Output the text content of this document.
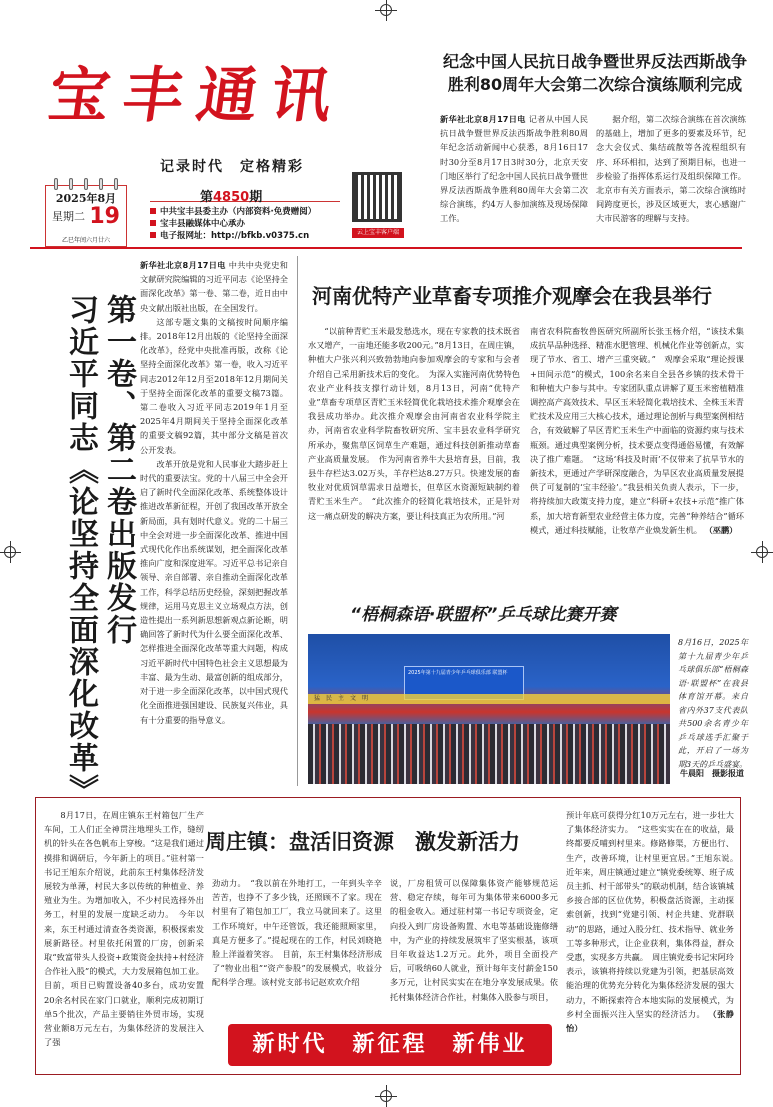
宝丰通讯
记录时代　定格精彩
2025年8月
星期二 19
乙巳年闰六月廿六
第4850期
中共宝丰县委主办（内部资料·免费赠阅）
宝丰县融媒体中心承办
电子报网址：http://bfkb.v0375.cn	云上宝丰客户端
纪念中国人民抗日战争暨世界反法西斯战争
胜利80周年大会第二次综合演练顺利完成
新华社北京8月17日电 记者从中国人民抗日战争暨世界反法西斯战争胜利80周年纪念活动新闻中心获悉，8月16日17时30分至8月17日3时30分，北京天安门地区举行了纪念中国人民抗日战争暨世界反法西斯战争胜利80周年大会第二次综合演练，约4万人参加演练及现场保障工作。

据介绍，第二次综合演练在首次演练的基础上，增加了更多的要素及环节，纪念大会仪式、集结疏散等各流程组织有序、环环相扣，达到了预期目标，也进一步检验了指挥体系运行及组织保障工作。北京市有关方面表示，第二次综合演练时间跨度更长，涉及区域更大，衷心感谢广大市民游客的理解与支持。

第一卷、第二卷出版发行
习近平同志《论坚持全面深化改革》
新华社北京8月17日电 中共中央党史和文献研究院编辑的习近平同志《论坚持全面深化改革》第一卷、第二卷，近日由中央文献出版社出版，在全国发行。

这部专题文集的文稿按时间顺序编排。2018年12月出版的《论坚持全面深化改革》，经党中央批准再版，改称《论坚持全面深化改革》第一卷，收入习近平同志2012年12月至2018年12月期间关于坚持全面深化改革的重要文稿73篇。第二卷收入习近平同志2019年1月至2025年4月期间关于坚持全面深化改革的重要文稿92篇，其中部分文稿是首次公开发表。

改革开放是党和人民事业大踏步赶上时代的重要法宝。党的十八届三中全会开启了新时代全面深化改革、系统整体设计推进改革新征程，开创了我国改革开放全新局面，具有划时代意义。党的二十届三中全会对进一步全面深化改革、推进中国式现代化作出系统谋划，把全面深化改革推向广度和深度进军。习近平总书记亲自领导、亲自部署、亲自推动全面深化改革工作，科学总结历史经验，深刻把握改革规律，运用马克思主义立场观点方法，创造性提出一系列新思想新观点新论断，明确回答了新时代为什么要全面深化改革、怎样推进全面深化改革等重大问题，构成习近平新时代中国特色社会主义思想最为丰富、最为生动、最富创新的组成部分，对于进一步全面深化改革，以中国式现代化全面推进强国建设、民族复兴伟业，具有十分重要的指导意义。

河南优特产业草畜专项推介观摩会在我县举行

“以前种青贮玉米最发愁选水，现在专家教的技术既省水又增产，一亩地还能多收200元。”8月13日，在周庄镇，种植大户张兴利兴致勃勃地向参加观摩会的专家和与会者介绍自己采用新技术后的变化。　为深入实施河南优势特色农业产业科技支撑行动计划，8月13日，河南“优特产业”草畜专项草区青贮玉米轻简优化栽培技术推介观摩会在我县成功举办。此次推介观摩会由河南省农业科学院主办，河南省农业科学院畜牧研究所、宝丰县农业科学研究所承办，聚焦草区饲草生产难题，通过科技创新推动草畜产业高质量发展。　作为河南省养牛大县培育县，目前，我县牛存栏达3.02万头，羊存栏达8.27万只。快速发展的畜牧业对优质饲草需求日益增长，但草区水资源短缺制约着青贮玉米生产。　“此次推介的轻简化栽培技术，正是针对这一痛点研发的解决方案，要让科技真正为农所用。”河

南省农科院畜牧兽医研究所副所长张玉杨介绍，“该技术集成抗旱品种选择、精准水肥管理、机械化作业等创新点，实现了节水、省工、增产三重突破。”　观摩会采取“理论授课+田间示范”的模式，100余名来自全县各乡镇的技术骨干和种植大户参与其中。专家团队重点讲解了夏玉米密植精准调控高产高效技术、旱区玉米轻简化栽培技术、全株玉米青贮技术及应用三大核心技术，通过理论剖析与典型案例相结合，有效破解了旱区青贮玉米生产中面临的资源约束与技术瓶颈。通过典型案例分析，技术要点变得通俗易懂，有效解决了推广难题。　“这场‘科技及时雨’不仅带来了抗旱节水的新技术，更通过产学研深度融合，为旱区农业高质量发展提供了可复制的‘宝丰经验’。”我县相关负责人表示，下一步，将持续加大政策支持力度，建立“科研+农技+示范”推广体系，加大培育新型农业经营主体力度，完善“种养结合”循环模式，通过科技赋能，让牧草产业焕发新生机。 （巫鹏）
“梧桐森语·联盟杯”乒乓球比赛开赛
2025年第十九届青少年乒乓球俱乐部 联盟杯
猛　民　主　文　明
8月16日，2025年第十九届青少年乒乓球俱乐部“梧桐森语·联盟杯”在我县体育馆开幕。来自省内外37支代表队共500余名青少年乒乓球选手汇聚于此，开启了一场为期3天的乒乓盛宴。
牛晨阳　摄影报道
周庄镇：盘活旧资源　激发新活力

8月17日，在周庄镇东王村箱包厂生产车间，工人们正全神贯注地埋头工作，缝纫机的针头在各色帆布上穿梭。“这是我们通过摸排和调研后，今年新上的项目。”驻村第一书记王旭东介绍说，此前东王村集体经济发展较为单薄，村民大多以传统的种植业、养殖业为生。为增加收入，不少村民选择外出务工，村里的发展一度缺乏动力。　今年以来，东王村通过清查各类资源，积极探索发展新路径。村里依托闲置的厂房，创新采取“致富带头人投资+政策资金扶持+村经济合作社入股”的模式，大力发展箱包加工业。目前，项目已购置设备40多台，成功安置20余名村民在家门口就业，顺利完成初期订单5个批次，产品主要销往外贸市场，实现营业额8万元左右，为集体经济的发展注入了强

劲动力。　“我以前在外地打工，一年到头辛辛苦苦，也挣不了多少钱，还照顾不了家。现在村里有了箱包加工厂，我立马就回来了。这里工作环境好，中午还管饭，我还能照顾家里，真是方便多了。”提起现在的工作，村民刘晓艳脸上洋溢着笑容。　目前，东王村集体经济形成了“物业出租”“资产参股”的发展模式，收益分配科学合理。该村党支部书记赵欢欢介绍
说，厂房租赁可以保障集体资产能够规范运营、稳定存续，每年可为集体带来6000多元的租金收入。通过驻村第一书记专项资金，定向投入到厂房设备购置、水电等基础设施修缮中，为产业的持续发展筑牢了坚实根基，该项目年收益达1.2万元。此外，项目全面投产后，可吸纳60人就业，预计每年支付薪金150多万元，让村民实实在在地分享发展成果。依托村集体经济合作社，村集体入股参与项目，
预计年底可获得分红10万元左右，进一步壮大了集体经济实力。　“这些实实在在的收益，最终都要反哺到村里来。修路修渠，方便出行、生产，改善环境，让村里更宜居。”王旭东说。　近年来，周庄镇通过建立“镇党委统筹、班子成员主抓、村干部带头”的联动机制，结合该镇城乡接合部的区位优势，积极盘活资源，主动探索创新，找到“党建引领、村企共建、党群联动”的思路，通过入股分红、技术指导、就业务工等多种形式，让企业获利，集体得益，群众受惠，实现多方共赢。　周庄镇党委书记宋阿玲表示，该镇将持续以党建为引领，把基层高效能治理的优势充分转化为集体经济发展的强大动力，不断探索符合本地实际的发展模式，为乡村全面振兴注入坚实的经济活力。 （张静怡）
新时代　新征程　新伟业
